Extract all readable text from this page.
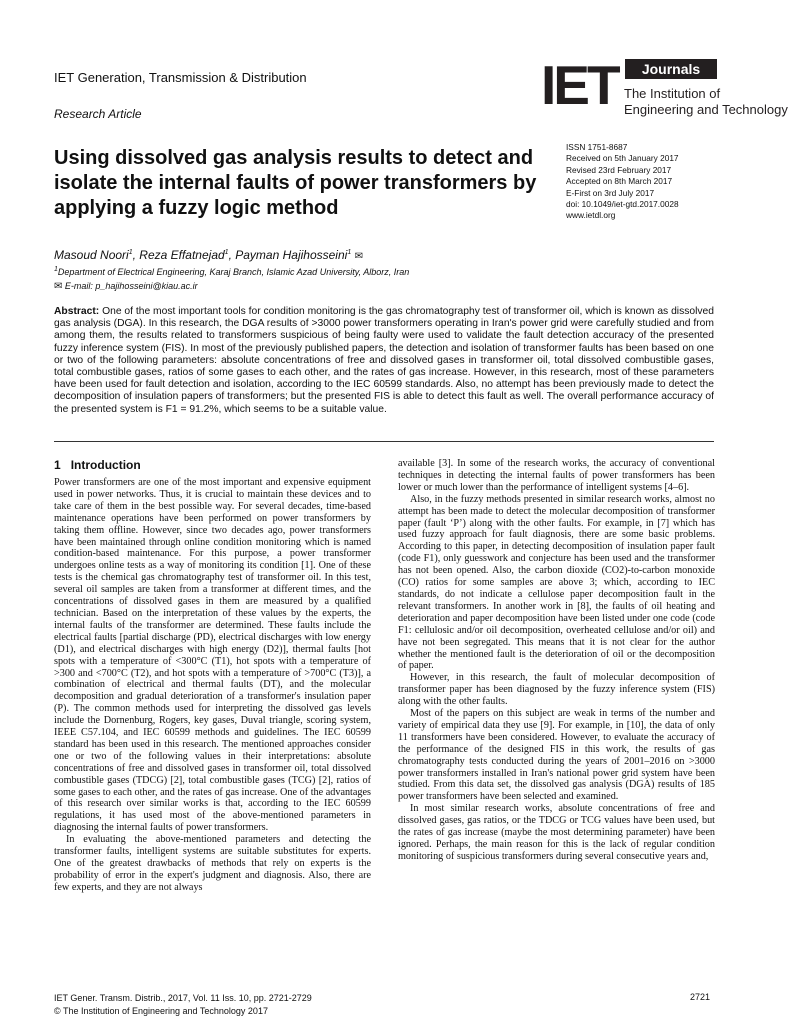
IET Generation, Transmission & Distribution	IET	Journals
The Institution of
Engineering and Technology
Research Article
Using dissolved gas analysis results to detect and isolate the internal faults of power transformers by applying a fuzzy logic method
ISSN 1751-8687
Received on 5th January 2017
Revised 23rd February 2017
Accepted on 8th March 2017
E-First on 3rd July 2017
doi: 10.1049/iet-gtd.2017.0028
www.ietdl.org
Masoud Noori$^1$, Reza Effatnejad$^1$, Payman Hajihosseini$^1$ ✉
$^1$Department of Electrical Engineering, Karaj Branch, Islamic Azad University, Alborz, Iran
✉ E-mail: p_hajihosseini@kiau.ac.ir

Abstract: One of the most important tools for condition monitoring is the gas chromatography test of transformer oil, which is known as dissolved gas analysis (DGA). In this research, the DGA results of >3000 power transformers operating in Iran's power grid were carefully studied and from among them, the results related to transformers suspicious of being faulty were used to validate the fault detection accuracy of the presented fuzzy inference system (FIS). In most of the previously published papers, the detection and isolation of transformer faults has been based on one or two of the following parameters: absolute concentrations of free and dissolved gases in transformer oil, total dissolved combustible gases, total combustible gases, ratios of some gases to each other, and the rates of gas increase. However, in this research, most of these parameters have been used for fault detection and isolation, according to the IEC 60599 standards. Also, no attempt has been previously made to detect the decomposition of insulation papers of transformers; but the presented FIS is able to detect this fault as well. The overall performance accuracy of the presented system is F1 = 91.2%, which seems to be a suitable value.

1 Introduction

Power transformers are one of the most important and expensive equipment used in power networks. Thus, it is crucial to maintain these devices and to take care of them in the best possible way. For several decades, time-based maintenance operations have been performed on power transformers by taking them offline. However, since two decades ago, power transformers have been maintained through online condition monitoring which is named condition-based maintenance. For this purpose, a power transformer undergoes online tests as a way of monitoring its condition [1]. One of these tests is the chemical gas chromatography test of transformer oil. In this test, several oil samples are taken from a transformer at different times, and the concentrations of dissolved gases in them are measured by a qualified technician. Based on the interpretation of these values by the experts, the internal faults of the transformer are determined. These faults include the electrical faults [partial discharge (PD), electrical discharges with low energy (D1), and electrical discharges with high energy (D2)], thermal faults [hot spots with a temperature of <300°C (T1), hot spots with a temperature of >300 and <700°C (T2), and hot spots with a temperature of >700°C (T3)], a combination of electrical and thermal faults (DT), and the molecular decomposition and gradual deterioration of a transformer's insulation paper (P). The common methods used for interpreting the dissolved gas levels include the Dornenburg, Rogers, key gases, Duval triangle, scoring system, IEEE C57.104, and IEC 60599 methods and guidelines. The IEC 60599 standard has been used in this research. The mentioned approaches consider one or two of the following values in their interpretations: absolute concentrations of free and dissolved gases in transformer oil, total dissolved combustible gases (TDCG) [2], total combustible gases (TCG) [2], ratios of some gases to each other, and the rates of gas increase. One of the advantages of this research over similar works is that, according to the IEC 60599 regulations, it has used most of the above-mentioned parameters in diagnosing the internal faults of power transformers.

In evaluating the above-mentioned parameters and detecting the transformer faults, intelligent systems are suitable substitutes for experts. One of the greatest drawbacks of methods that rely on experts is the probability of error in the expert's judgment and diagnosis. Also, there are few experts, and they are not always

available [3]. In some of the research works, the accuracy of conventional techniques in detecting the internal faults of power transformers has been lower or much lower than the performance of intelligent systems [4–6].

Also, in the fuzzy methods presented in similar research works, almost no attempt has been made to detect the molecular decomposition of transformer paper (fault ‘P’) along with the other faults. For example, in [7] which has used fuzzy approach for fault diagnosis, there are some basic problems. According to this paper, in detecting decomposition of insulation paper fault (code F1), only guesswork and conjecture has been used and the transformer has not been opened. Also, the carbon dioxide (CO2)-to-carbon monoxide (CO) ratios for some samples are above 3; which, according to IEC standards, do not indicate a cellulose paper decomposition fault in the relevant transformers. In another work in [8], the faults of oil heating and deterioration and paper decomposition have been listed under one code (code F1: cellulosic and/or oil decomposition, overheated cellulose and/or oil) and have not been segregated. This means that it is not clear for the author whether the mentioned fault is the deterioration of oil or the decomposition of paper.

However, in this research, the fault of molecular decomposition of transformer paper has been diagnosed by the fuzzy inference system (FIS) along with the other faults.

Most of the papers on this subject are weak in terms of the number and variety of empirical data they use [9]. For example, in [10], the data of only 11 transformers have been considered. However, to evaluate the accuracy of the performance of the designed FIS in this work, the results of gas chromatography tests conducted during the years of 2001–2016 on >3000 power transformers installed in Iran's national power grid system have been studied. From this data set, the dissolved gas analysis (DGA) results of 185 power transformers have been selected and examined.

In most similar research works, absolute concentrations of free and dissolved gases, gas ratios, or the TDCG or TCG values have been used, but the rates of gas increase (maybe the most determining parameter) have been ignored. Perhaps, the main reason for this is the lack of regular condition monitoring of suspicious transformers during several consecutive years and,

IET Gener. Transm. Distrib., 2017, Vol. 11 Iss. 10, pp. 2721-2729
© The Institution of Engineering and Technology 2017
2721
